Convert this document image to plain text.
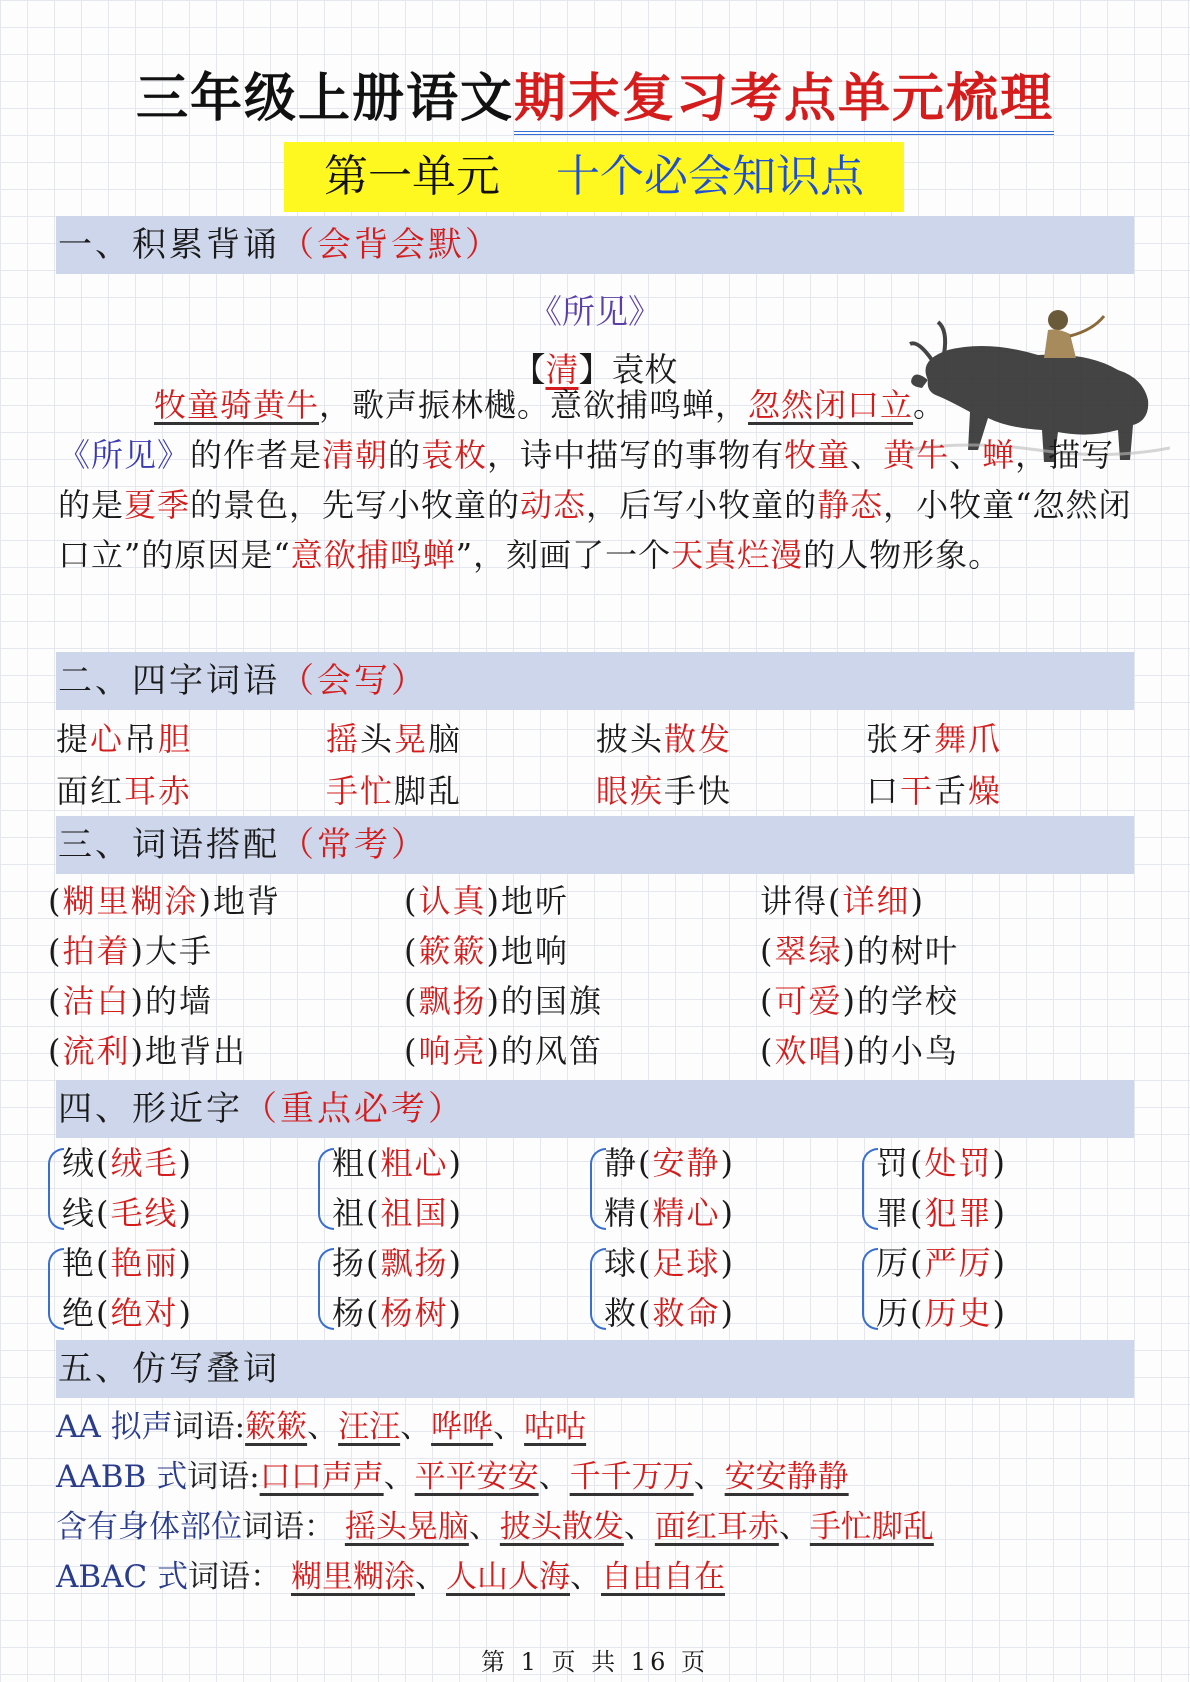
三年级上册语文期末复习考点单元梳理
第一单元 十个必会知识点
一、积累背诵（会背会默）
《所见》
【清】袁枚
牧童骑黄牛，歌声振林樾。意欲捕鸣蝉，忽然闭口立。
《所见》的作者是清朝的袁枚，诗中描写的事物有牧童、黄牛、蝉，描写的是夏季的景色，先写小牧童的动态，后写小牧童的静态，小牧童“忽然闭口立”的原因是“意欲捕鸣蝉”，刻画了一个天真烂漫的人物形象。
二、四字词语（会写）
提心吊胆	摇头晃脑	披头散发	张牙舞爪
面红耳赤	手忙脚乱	眼疾手快	口干舌燥
三、词语搭配（常考）
(糊里糊涂)地背	(认真)地听	讲得(详细)
(拍着)大手	(簌簌)地响	(翠绿)的树叶
(洁白)的墙	(飘扬)的国旗	(可爱)的学校
(流利)地背出	(响亮)的风笛	(欢唱)的小鸟
四、形近字（重点必考）
绒(绒毛)	粗(粗心)	静(安静)	罚(处罚)
线(毛线)	祖(祖国)	精(精心)	罪(犯罪)
艳(艳丽)	扬(飘扬)	球(足球)	厉(严厉)
绝(绝对)	杨(杨树)	救(救命)	历(历史)
五、仿写叠词
AA 拟声词语:簌簌、汪汪、哗哗、咕咕
AABB 式词语:口口声声、平平安安、千千万万、安安静静
含有身体部位词语： 摇头晃脑、披头散发、面红耳赤、手忙脚乱
ABAC 式词语： 糊里糊涂、人山人海、自由自在
第 1 页 共 16 页
